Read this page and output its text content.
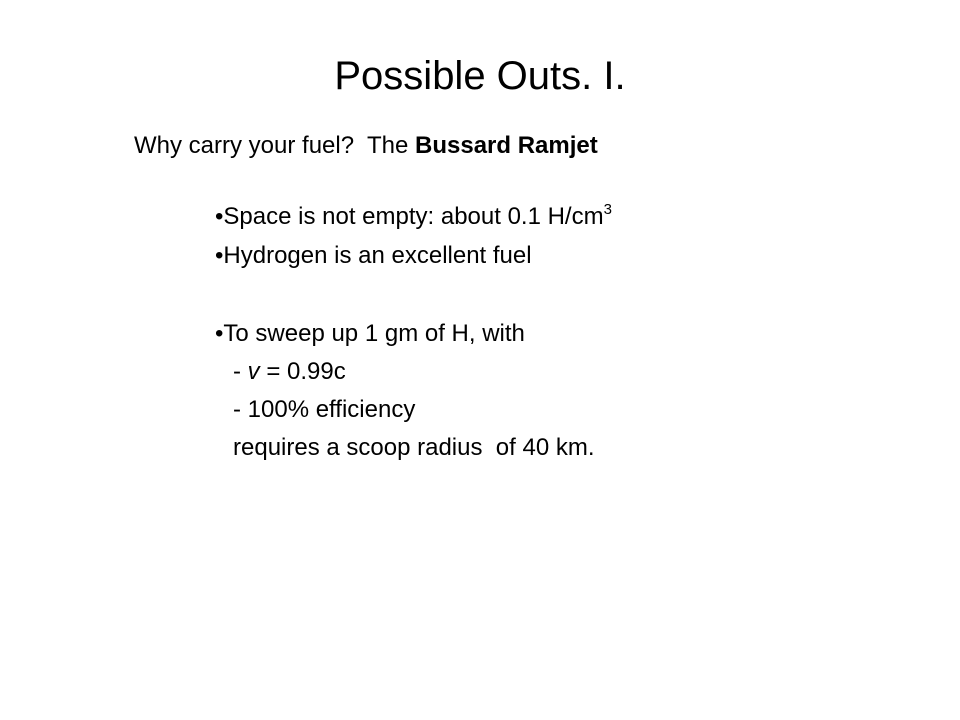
Possible Outs. I.
Why carry your fuel?  The Bussard Ramjet
•Space is not empty: about 0.1 $H/cm^3$
•Hydrogen is an excellent fuel
•To sweep up 1 gm of H, with
- v = 0.99c
- 100% efficiency
requires a scoop radius  of 40 km.
